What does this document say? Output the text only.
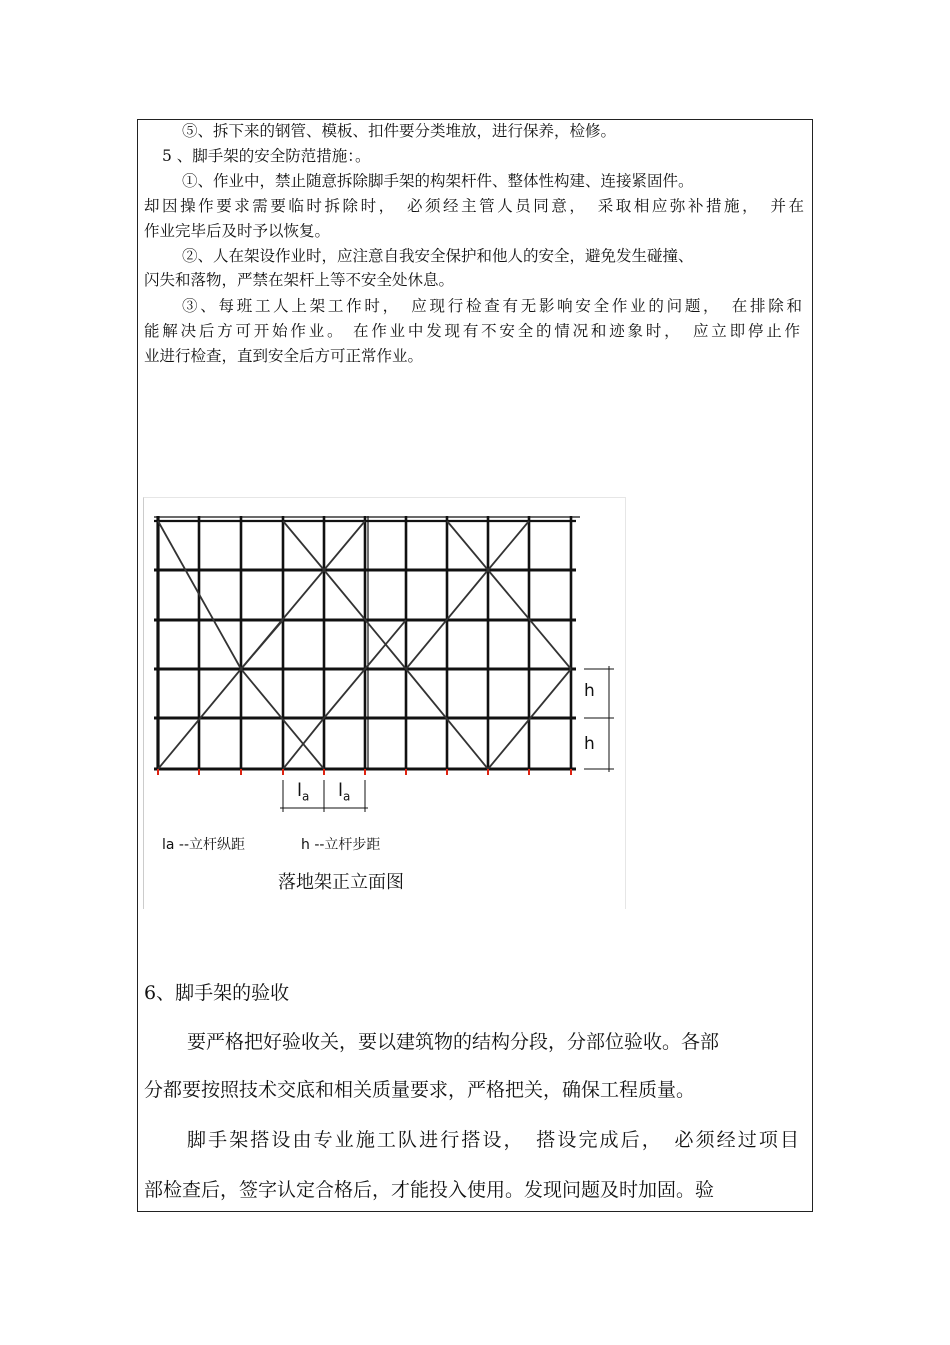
⑤、拆下来的钢管、模板、扣件要分类堆放，进行保养，检修。
5 、脚手架的安全防范措施：。
①、作业中，禁止随意拆除脚手架的构架杆件、整体性构建、连接紧固件。
却因操作要求需要临时拆除时，　必须经主管人员同意，　采取相应弥补措施，　并在
作业完毕后及时予以恢复。
②、人在架设作业时，应注意自我安全保护和他人的安全，避免发生碰撞、
闪失和落物，严禁在架杆上等不安全处休息。
③、每班工人上架工作时，　应现行检查有无影响安全作业的问题，　在排除和
能解决后方可开始作业。 在作业中发现有不安全的情况和迹象时，　应立即停止作
业进行检查，直到安全后方可正常作业。
h
h
$l_a$ $l_a$
la --立杆纵距	h --立杆步距
落地架正立面图
6、脚手架的验收
要严格把好验收关，要以建筑物的结构分段，分部位验收。各部
分都要按照技术交底和相关质量要求，严格把关，确保工程质量。
脚手架搭设由专业施工队进行搭设，　搭设完成后，　必须经过项目
部检查后，签字认定合格后，才能投入使用。发现问题及时加固。验
